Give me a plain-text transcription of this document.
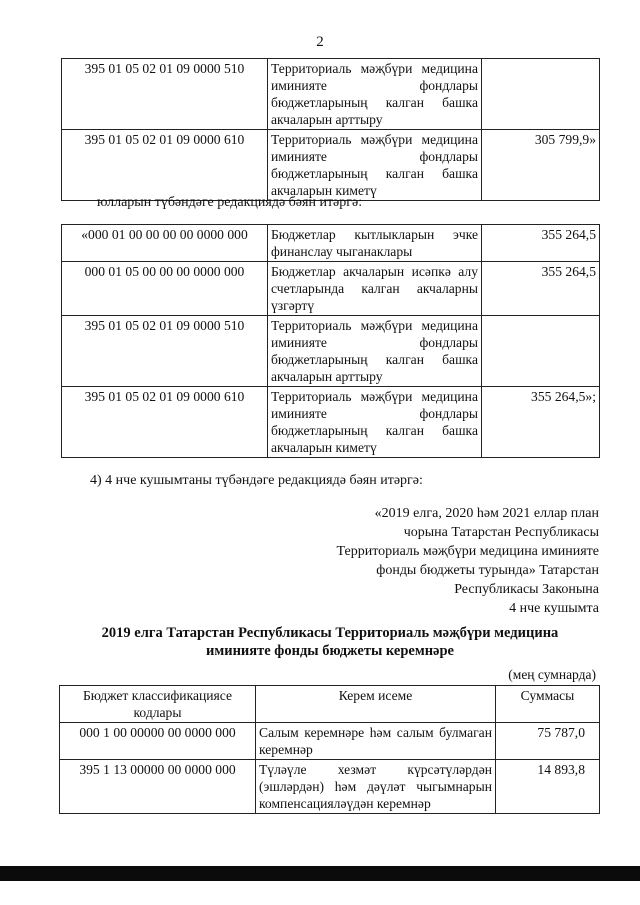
2
395 01 05 02 01 09 0000 510	Территориаль мәҗбүри медицина иминияте фондлары бюджетларының калган башка акчаларын арттыру	
395 01 05 02 01 09 0000 610	Территориаль мәҗбүри медицина иминияте фондлары бюджетларының калган башка акчаларын киметү	305 799,9»
юлларын түбәндәге редакциядә бәян итәргә:
«000 01 00 00 00 00 0000 000	Бюджетлар кытлыкларын эчке финанслау чыганаклары	355 264,5
000 01 05 00 00 00 0000 000	Бюджетлар акчаларын исәпкә алу счетларында калган акчаларны үзгәртү	355 264,5
395 01 05 02 01 09 0000 510	Территориаль мәҗбүри медицина иминияте фондлары бюджетларының калган башка акчаларын арттыру	
395 01 05 02 01 09 0000 610	Территориаль мәҗбүри медицина иминияте фондлары бюджетларының калган башка акчаларын киметү	355 264,5»;
4) 4 нче кушымтаны түбәндәге редакциядә бәян итәргә:
«2019 елга, 2020 һәм 2021 еллар план
чорына Татарстан Республикасы
Территориаль мәҗбүри медицина иминияте
фонды бюджеты турында» Татарстан
Республикасы Законына
4 нче кушымта
2019 елга Татарстан Республикасы Территориаль мәҗбүри медицина
иминияте фонды бюджеты керемнәре
(мең сумнарда)
Бюджет классификациясе кодлары	Керем исеме	Суммасы
000 1 00 00000 00 0000 000	Салым керемнәре һәм салым булмаган керемнәр	75 787,0
395 1 13 00000 00 0000 000	Түләүле хезмәт күрсәтүләрдән (эшләрдән) һәм дәүләт чыгымнарын компенсацияләүдән керемнәр	14 893,8
